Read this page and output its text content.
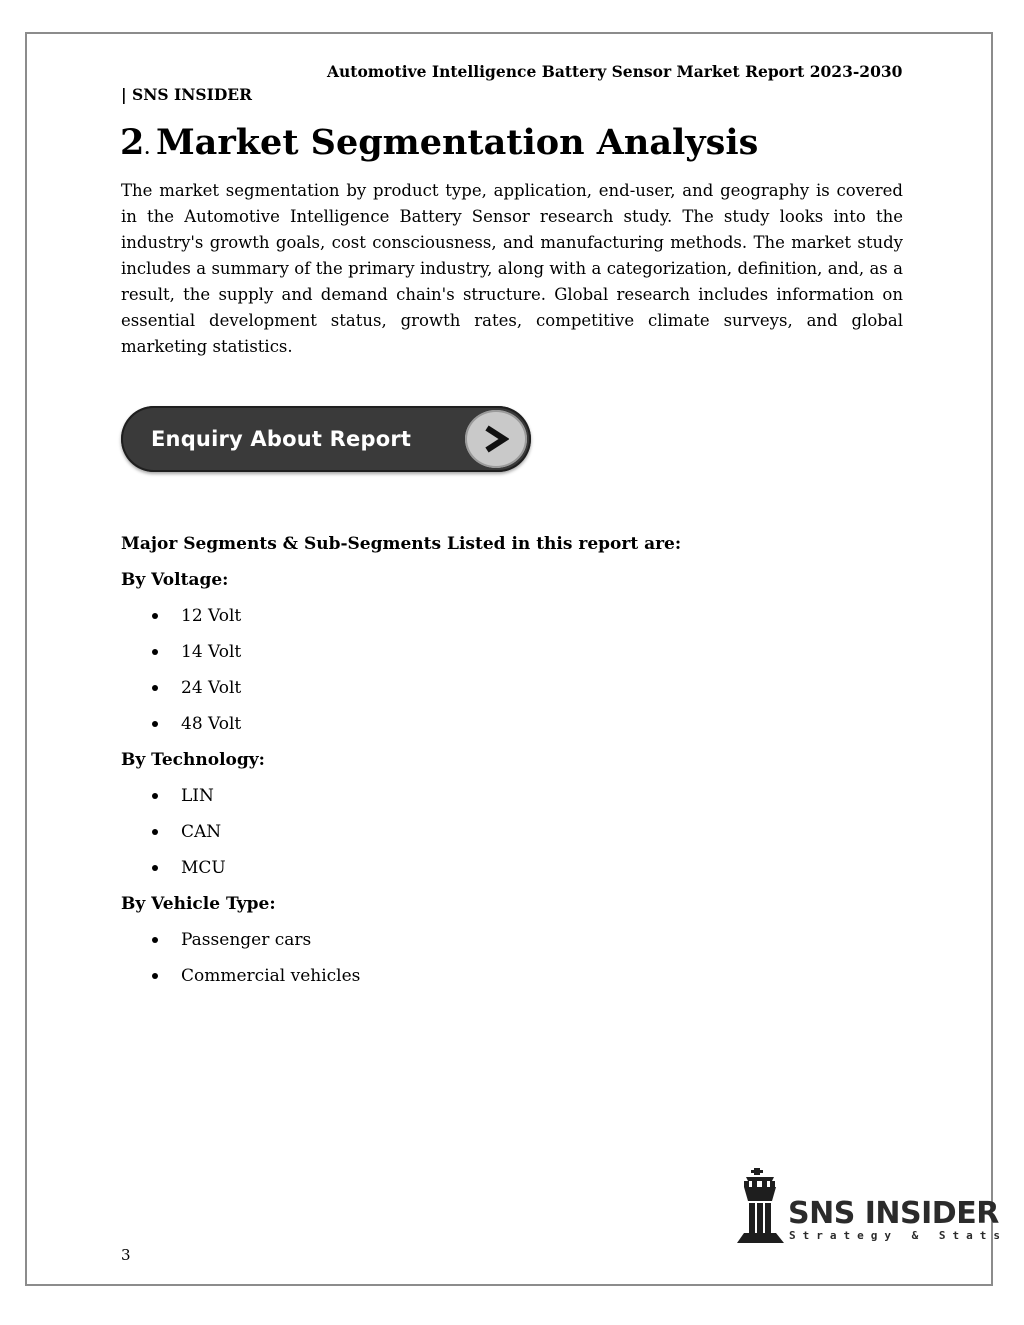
Automotive Intelligence Battery Sensor Market Report 2023-2030 | SNS INSIDER
2. Market Segmentation Analysis

The market segmentation by product type, application, end-user, and geography is covered in the Automotive Intelligence Battery Sensor research study. The study looks into the industry's growth goals, cost consciousness, and manufacturing methods. The market study includes a summary of the primary industry, along with a categorization, definition, and, as a result, the supply and demand chain's structure. Global research includes information on essential development status, growth rates, competitive climate surveys, and global marketing statistics.

Enquiry About Report
Major Segments & Sub-Segments Listed in this report are:
By Voltage:
12 Volt
14 Volt
24 Volt
48 Volt
By Technology:
LIN
CAN
MCU
By Vehicle Type:
Passenger cars
Commercial vehicles
SNS INSIDER
Strategy & Stats
3
